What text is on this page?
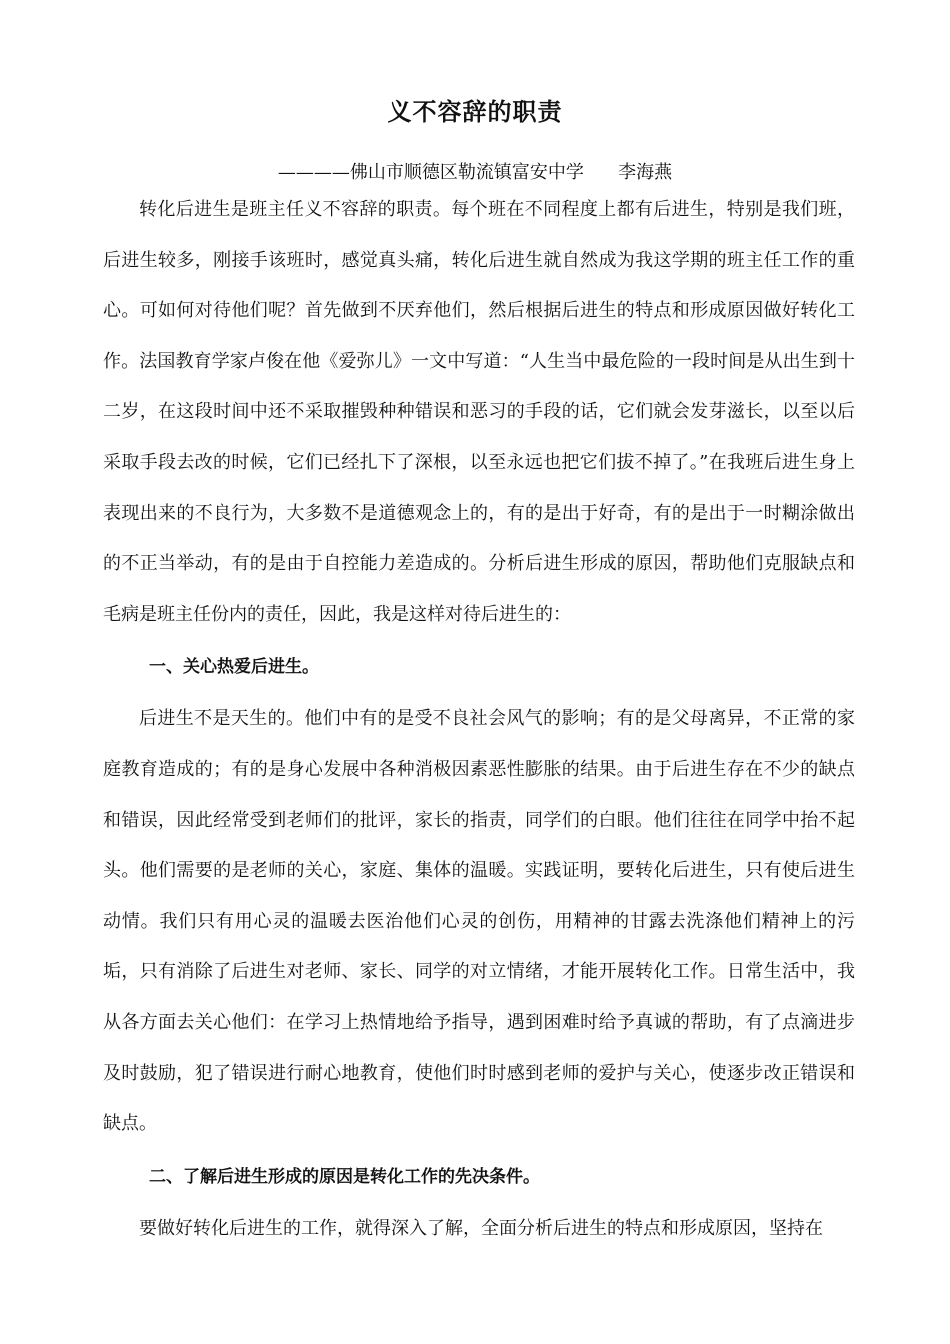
义不容辞的职责

————佛山市顺德区勒流镇富安中学      李海燕

转化后进生是班主任义不容辞的职责。每个班在不同程度上都有后进生，特别是我们班，后进生较多，刚接手该班时，感觉真头痛，转化后进生就自然成为我这学期的班主任工作的重心。可如何对待他们呢？首先做到不厌弃他们，然后根据后进生的特点和形成原因做好转化工作。法国教育学家卢俊在他《爱弥儿》一文中写道：“人生当中最危险的一段时间是从出生到十二岁，在这段时间中还不采取摧毁种种错误和恶习的手段的话，它们就会发芽滋长，以至以后采取手段去改的时候，它们已经扎下了深根，以至永远也把它们拔不掉了。”在我班后进生身上表现出来的不良行为，大多数不是道德观念上的，有的是出于好奇，有的是出于一时糊涂做出的不正当举动，有的是由于自控能力差造成的。分析后进生形成的原因，帮助他们克服缺点和毛病是班主任份内的责任，因此，我是这样对待后进生的：

一、关心热爱后进生。

后进生不是天生的。他们中有的是受不良社会风气的影响；有的是父母离异，不正常的家庭教育造成的；有的是身心发展中各种消极因素恶性膨胀的结果。由于后进生存在不少的缺点和错误，因此经常受到老师们的批评，家长的指责，同学们的白眼。他们往往在同学中抬不起头。他们需要的是老师的关心，家庭、集体的温暖。实践证明，要转化后进生，只有使后进生动情。我们只有用心灵的温暖去医治他们心灵的创伤，用精神的甘露去洗涤他们精神上的污垢，只有消除了后进生对老师、家长、同学的对立情绪，才能开展转化工作。日常生活中，我从各方面去关心他们：在学习上热情地给予指导，遇到困难时给予真诚的帮助，有了点滴进步及时鼓励，犯了错误进行耐心地教育，使他们时时感到老师的爱护与关心，使逐步改正错误和缺点。

二、了解后进生形成的原因是转化工作的先决条件。

要做好转化后进生的工作，就得深入了解，全面分析后进生的特点和形成原因，坚持在
